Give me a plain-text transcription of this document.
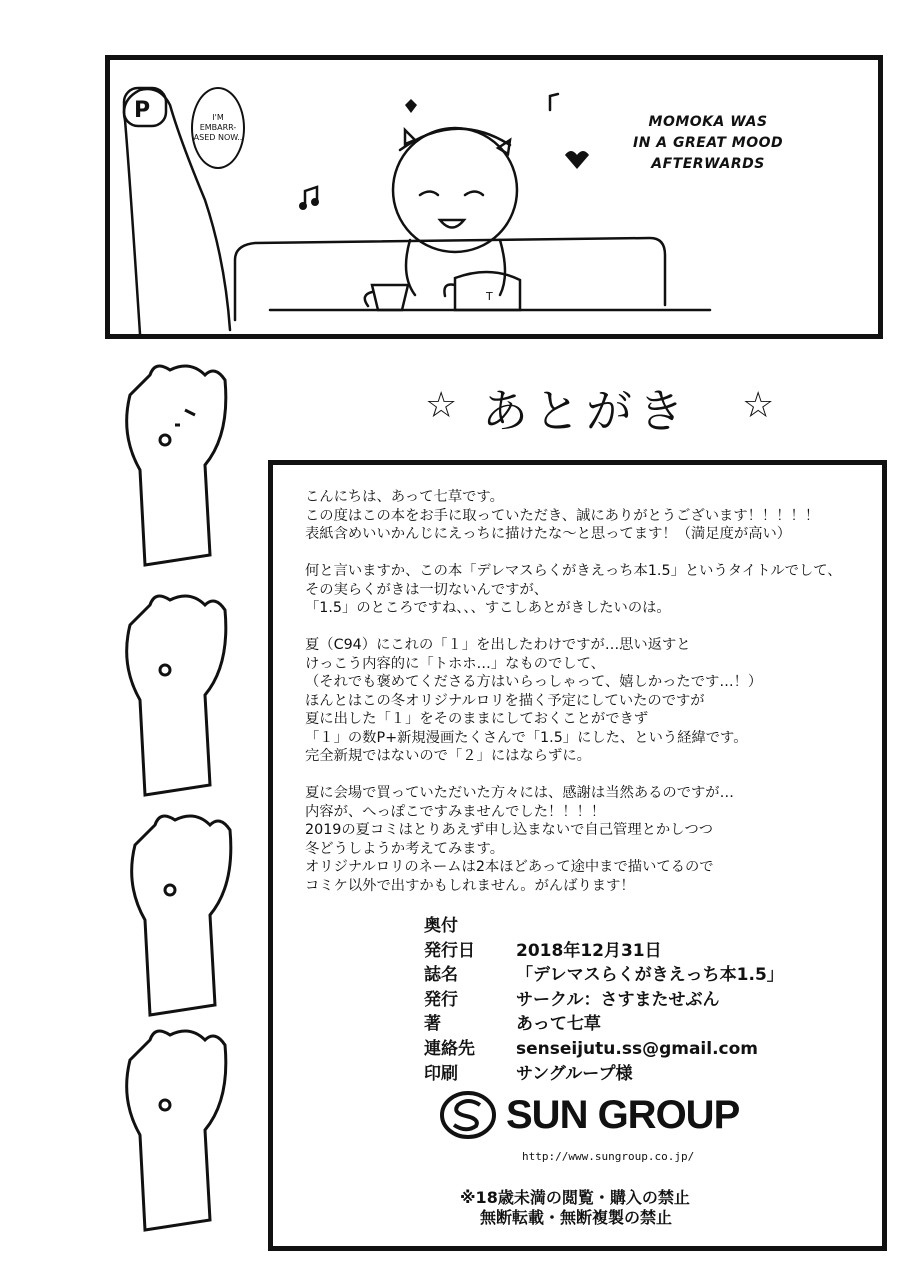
P
T
I'M EMBARR-ASED NOW..
MOMOKA WAS
IN A GREAT MOOD
AFTERWARDS
☆ あとがき ☆
こんにちは、あって七草です。
この度はこの本をお手に取っていただき、誠にありがとうございます！！！！！
表紙含めいいかんじにえっちに描けたな～と思ってます！（満足度が高い）
何と言いますか、この本「デレマスらくがきえっち本1.5」というタイトルでして、
その実らくがきは一切ないんですが、
「1.5」のところですね、、、すこしあとがきしたいのは。
夏（C94）にこれの「１」を出したわけですが…思い返すと
けっこう内容的に「トホホ…」なものでして、
（それでも褒めてくださる方はいらっしゃって、嬉しかったです…！）
ほんとはこの冬オリジナルロリを描く予定にしていたのですが
夏に出した「１」をそのままにしておくことができず
「１」の数P+新規漫画たくさんで「1.5」にした、という経緯です。
完全新規ではないので「２」にはならずに。
夏に会場で買っていただいた方々には、感謝は当然あるのですが…
内容が、へっぽこですみませんでした！！！！
2019の夏コミはとりあえず申し込まないで自己管理とかしつつ
冬どうしようか考えてみます。
オリジナルロリのネームは2本ほどあって途中まで描いてるので
コミケ以外で出すかもしれません。がんばります！
奥付
発行日	2018年12月31日
誌名	「デレマスらくがきえっち本1.5」
発行	サークル：さすまたせぶん
著	あって七草
連絡先	senseijutu.ss@gmail.com
印刷	サングループ様
SUN GROUP
http://www.sungroup.co.jp/
※18歳未満の閲覧・購入の禁止
無断転載・無断複製の禁止
